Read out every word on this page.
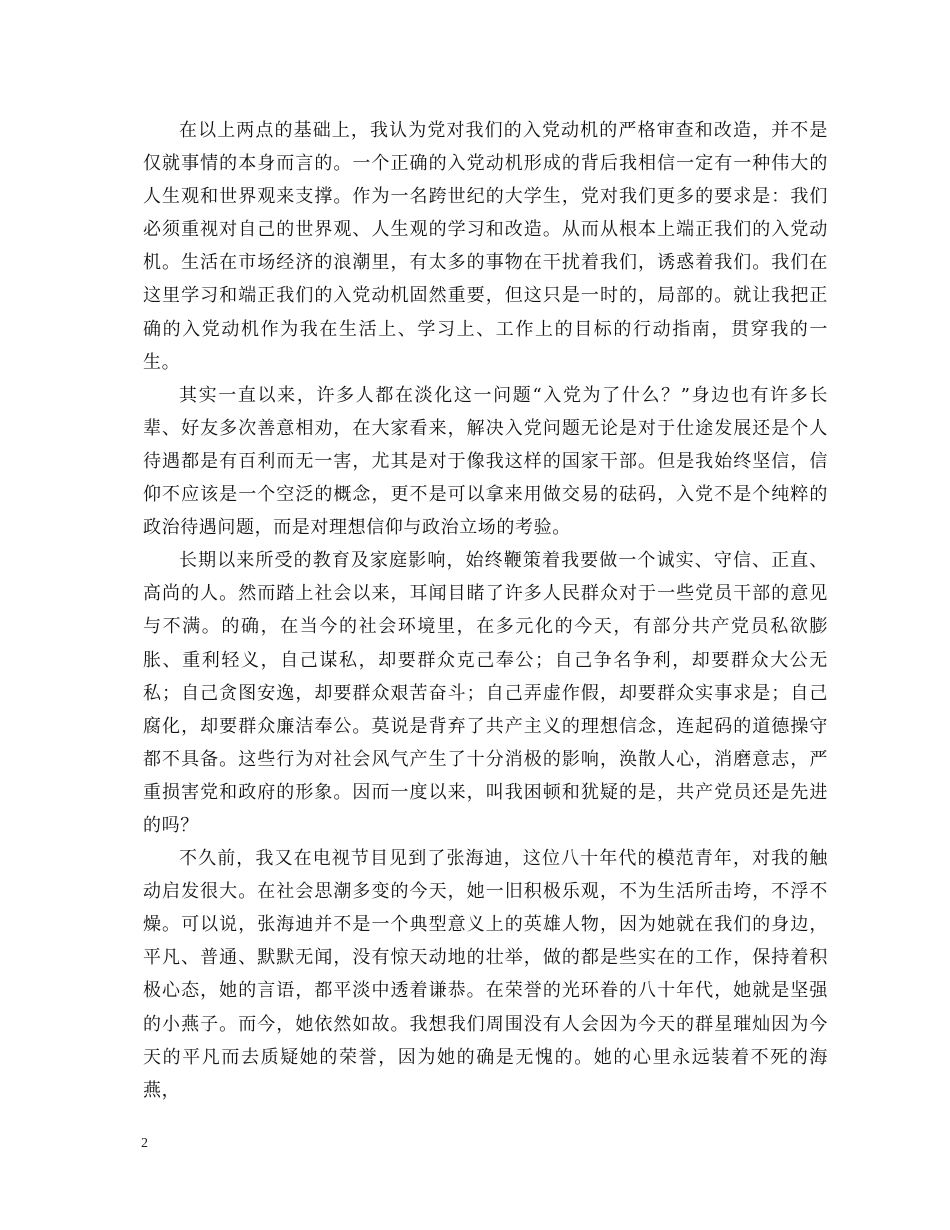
在以上两点的基础上，我认为党对我们的入党动机的严格审查和改造，并不是仅就事情的本身而言的。一个正确的入党动机形成的背后我相信一定有一种伟大的人生观和世界观来支撑。作为一名跨世纪的大学生，党对我们更多的要求是：我们必须重视对自己的世界观、人生观的学习和改造。从而从根本上端正我们的入党动机。生活在市场经济的浪潮里，有太多的事物在干扰着我们，诱惑着我们。我们在这里学习和端正我们的入党动机固然重要，但这只是一时的，局部的。就让我把正确的入党动机作为我在生活上、学习上、工作上的目标的行动指南，贯穿我的一生。

其实一直以来，许多人都在淡化这一问题“入党为了什么？”身边也有许多长辈、好友多次善意相劝，在大家看来，解决入党问题无论是对于仕途发展还是个人待遇都是有百利而无一害，尤其是对于像我这样的国家干部。但是我始终坚信，信仰不应该是一个空泛的概念，更不是可以拿来用做交易的砝码，入党不是个纯粹的政治待遇问题，而是对理想信仰与政治立场的考验。

长期以来所受的教育及家庭影响，始终鞭策着我要做一个诚实、守信、正直、高尚的人。然而踏上社会以来，耳闻目睹了许多人民群众对于一些党员干部的意见与不满。的确，在当今的社会环境里，在多元化的今天，有部分共产党员私欲膨胀、重利轻义，自己谋私，却要群众克己奉公；自己争名争利，却要群众大公无私；自己贪图安逸，却要群众艰苦奋斗；自己弄虚作假，却要群众实事求是；自己腐化，却要群众廉洁奉公。莫说是背弃了共产主义的理想信念，连起码的道德操守都不具备。这些行为对社会风气产生了十分消极的影响，涣散人心，消磨意志，严重损害党和政府的形象。因而一度以来，叫我困顿和犹疑的是，共产党员还是先进的吗？

不久前，我又在电视节目见到了张海迪，这位八十年代的模范青年，对我的触动启发很大。在社会思潮多变的今天，她一旧积极乐观，不为生活所击垮，不浮不燥。可以说，张海迪并不是一个典型意义上的英雄人物，因为她就在我们的身边，平凡、普通、默默无闻，没有惊天动地的壮举，做的都是些实在的工作，保持着积极心态，她的言语，都平淡中透着谦恭。在荣誉的光环眷的八十年代，她就是坚强的小燕子。而今，她依然如故。我想我们周围没有人会因为今天的群星璀灿因为今天的平凡而去质疑她的荣誉，因为她的确是无愧的。她的心里永远装着不死的海燕，

2
